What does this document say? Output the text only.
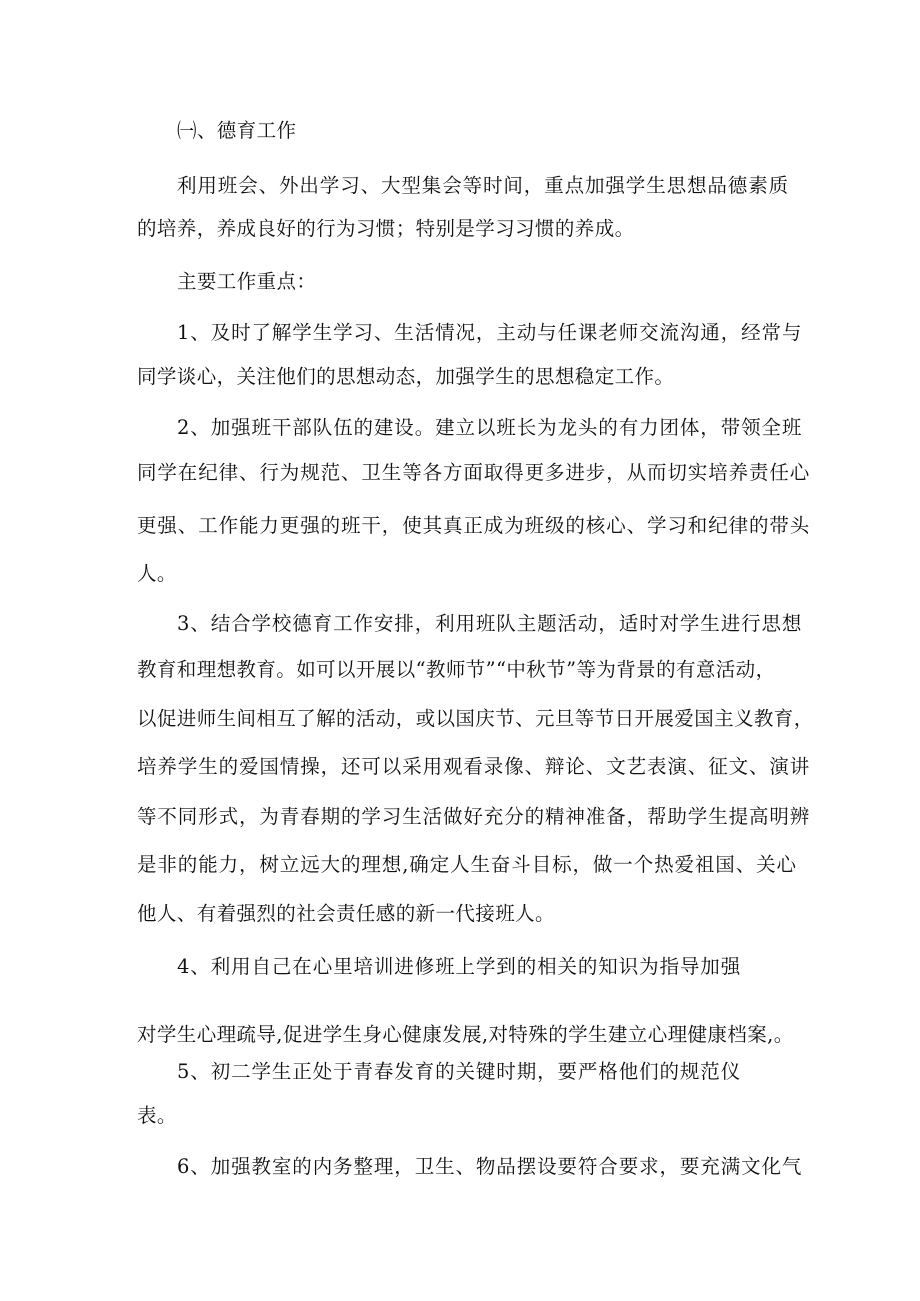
㈠、德育工作
利用班会、外出学习、大型集会等时间，重点加强学生思想品德素质
的培养，养成良好的行为习惯；特别是学习习惯的养成。
主要工作重点：
1、及时了解学生学习、生活情况，主动与任课老师交流沟通，经常与
同学谈心，关注他们的思想动态，加强学生的思想稳定工作。
2、加强班干部队伍的建设。建立以班长为龙头的有力团体，带领全班
同学在纪律、行为规范、卫生等各方面取得更多进步，从而切实培养责任心
更强、工作能力更强的班干，使其真正成为班级的核心、学习和纪律的带头
人。
3、结合学校德育工作安排，利用班队主题活动，适时对学生进行思想
教育和理想教育。如可以开展以“教师节”“中秋节”等为背景的有意活动，
以促进师生间相互了解的活动，或以国庆节、元旦等节日开展爱国主义教育，
培养学生的爱国情操，还可以采用观看录像、辩论、文艺表演、征文、演讲
等不同形式，为青春期的学习生活做好充分的精神准备，帮助学生提高明辨
是非的能力，树立远大的理想,确定人生奋斗目标，做一个热爱祖国、关心
他人、有着强烈的社会责任感的新一代接班人。
4、利用自己在心里培训进修班上学到的相关的知识为指导加强
对学生心理疏导,促进学生身心健康发展,对特殊的学生建立心理健康档案,。
5、初二学生正处于青春发育的关键时期，要严格他们的规范仪
表。
6、加强教室的内务整理，卫生、物品摆设要符合要求，要充满文化气
